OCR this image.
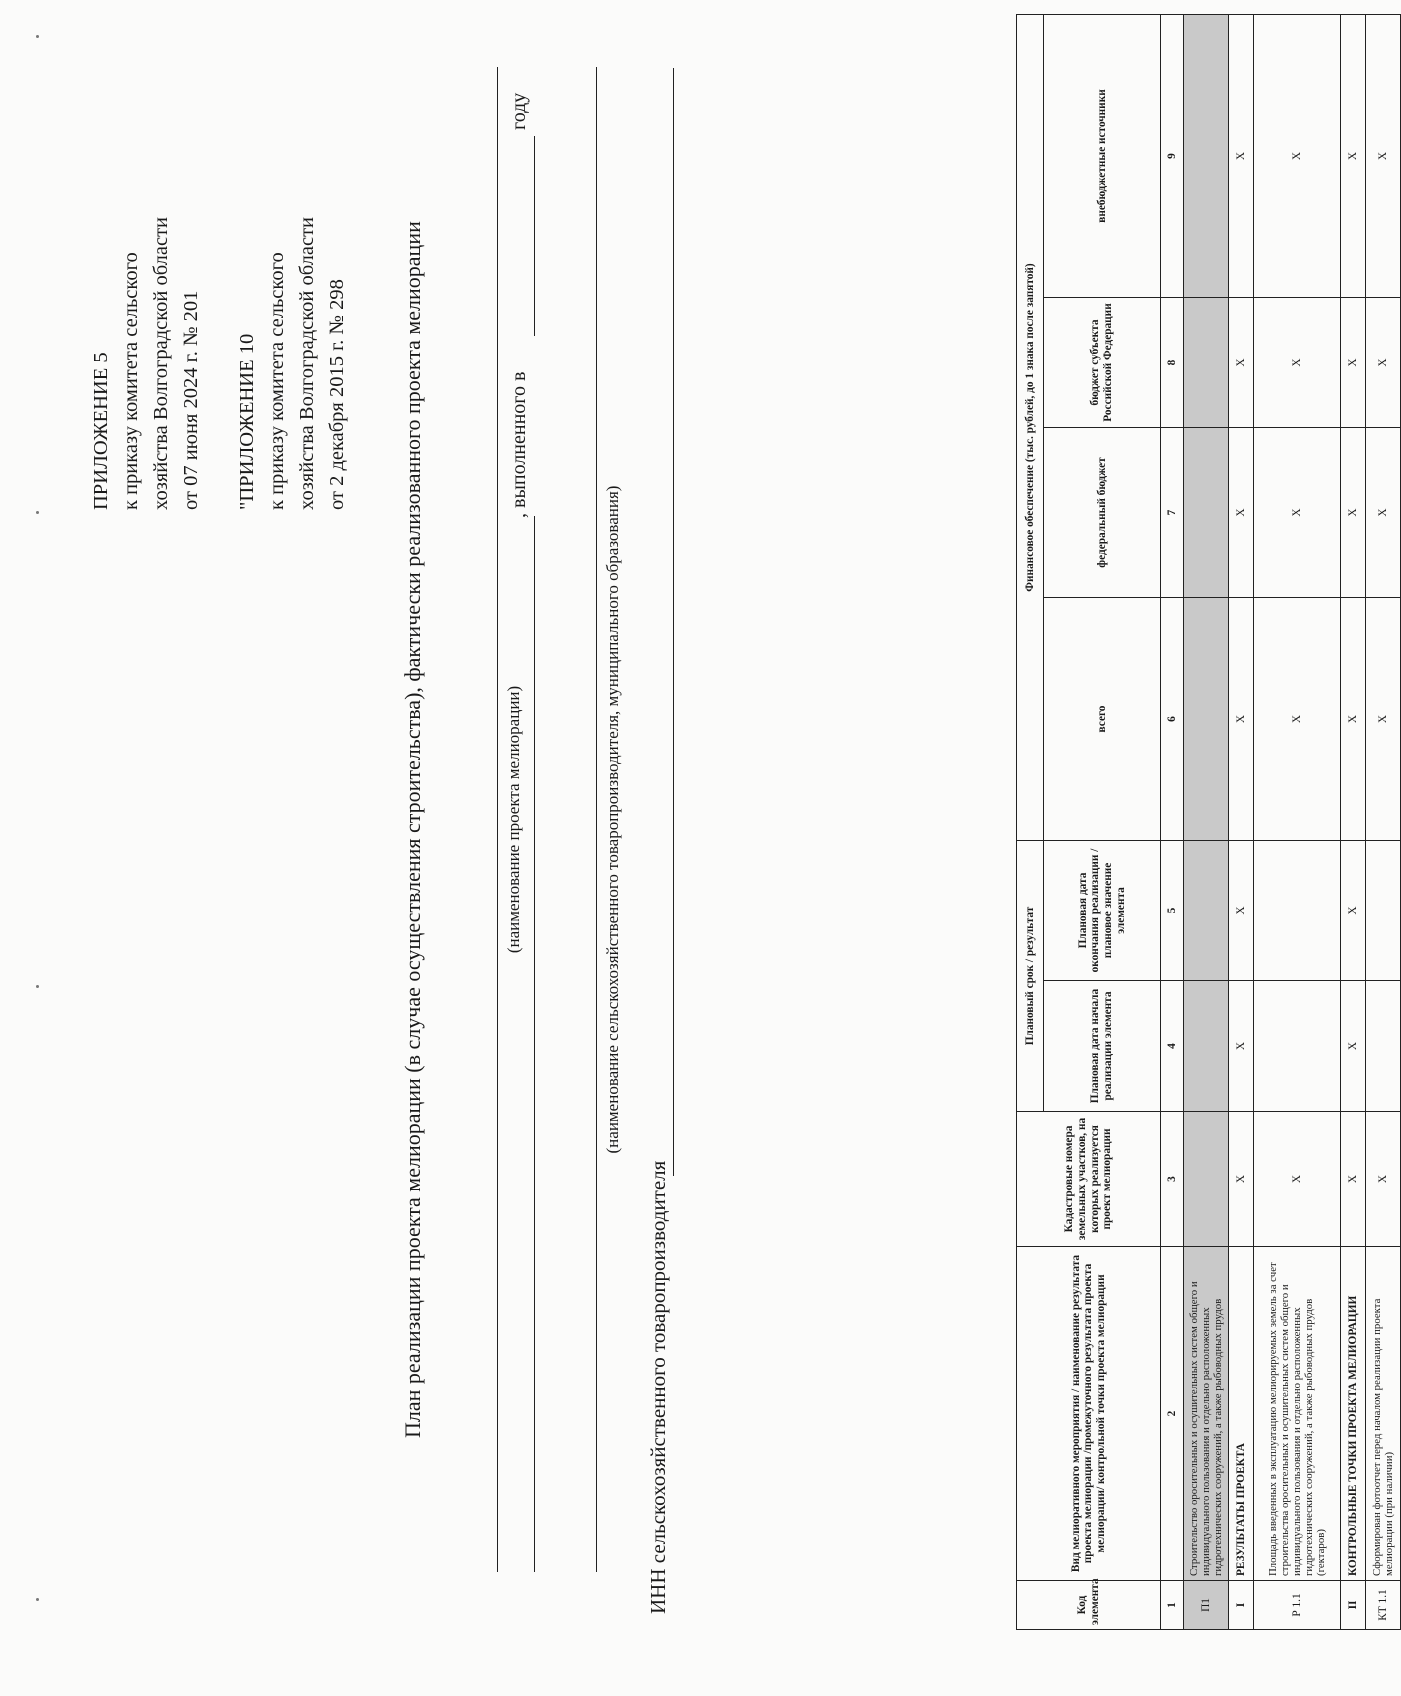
ПРИЛОЖЕНИЕ 5 к приказу комитета сельского хозяйства Волгоградской области от 07 июня 2024 г. № 201 "ПРИЛОЖЕНИЕ 10 к приказу комитета сельского хозяйства Волгоградской области от 2 декабря 2015 г. № 298 План реализации проекта мелиорации (в случае осуществления строительства), фактически реализованного проекта мелиорации	(наименование проекта мелиорации)
, выполненного в
году
(наименование сельскохозяйственного товаропроизводителя, муниципального образования)
ИНН сельскохозяйственного товаропроизводителя	Код элемента	Вид мелиоративного мероприятия / наименование результата проекта мелиорации /промежуточного результата проекта мелиорации/ контрольной точки проекта мелиорации	Кадастровые номера земельных участков, на которых реализуется проект мелиорации	Плановый срок / результат		Финансовое обеспечение (тыс. рублей, до 1 знака после запятой)			
			Плановая дата начала реализации элемента	Плановая дата окончания реализации / плановое значение элемента	всего	федеральный бюджет	бюджет субъекта Российской Федерации	внебюджетные источники
1	2	3	4	5	6	7	8	9
П1	Строительство оросительных и осушительных систем общего и индивидуального пользования и отдельно расположенных гидротехнических сооружений, а также рыбоводных прудов							
I	РЕЗУЛЬТАТЫ ПРОЕКТА	X	X	X	X	X	X	X
Р 1.1	Площадь введенных в эксплуатацию мелиорируемых земель за счет строительства оросительных и осушительных систем общего и индивидуального пользования и отдельно расположенных гидротехнических сооружений, а также рыбоводных прудов (гектаров)	X			X	X	X	X
II	КОНТРОЛЬНЫЕ ТОЧКИ ПРОЕКТА МЕЛИОРАЦИИ	X	X	X	X	X	X	X
КТ 1.1	Сформирован фотоотчет перед началом реализации проекта мелиорации (при наличии)	X			X	X	X	X
